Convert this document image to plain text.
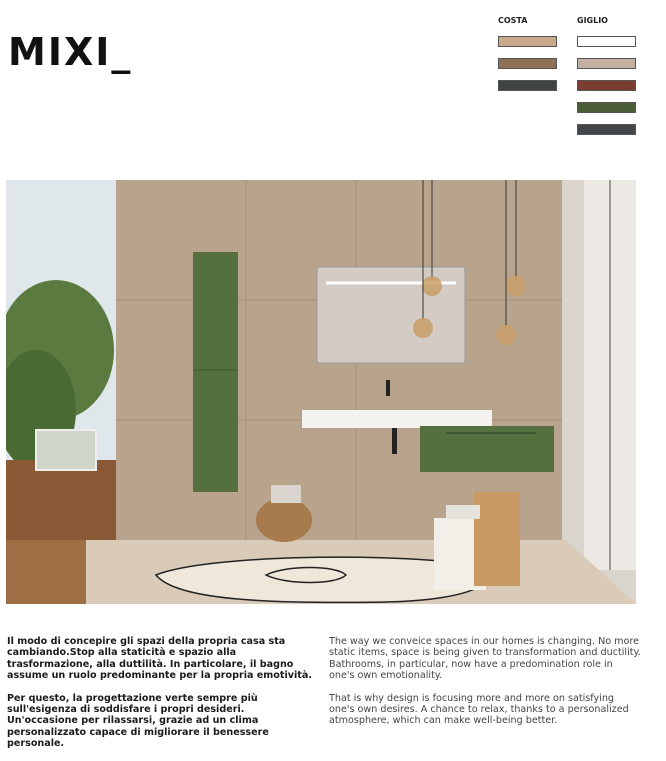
MIXI_
COSTA	GIGLIO

Il modo di concepire gli spazi della propria casa sta cambiando.Stop alla staticità e spazio alla trasformazione, alla duttilità. In particolare, il bagno assume un ruolo predominante per la propria emotività.

Per questo, la progettazione verte sempre più sull'esigenza di soddisfare i propri desideri. Un'occasione per rilassarsi, grazie ad un clima personalizzato capace di migliorare il benessere personale.

The way we conveice spaces in our homes is changing. No more static items, space is being given to transformation and ductility. Bathrooms, in particular, now have a predomination role in one's own emotionality.

That is why design is focusing more and more on satisfying one's own desires. A chance to relax, thanks to a personalized atmosphere, which can make well-being better.
